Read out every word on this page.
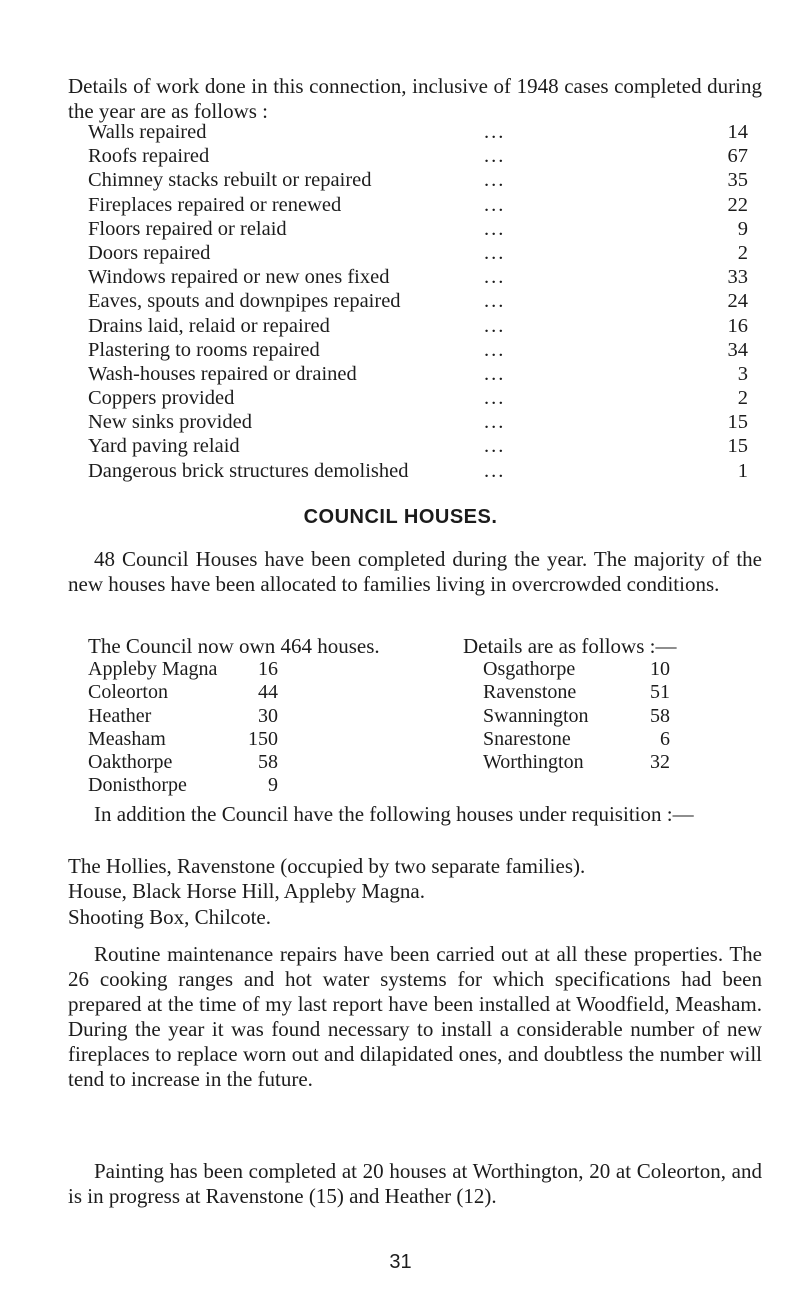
Details of work done in this connection, inclusive of 1948 cases completed during the year are as follows :

Walls repaired	...	14
Roofs repaired	...	67
Chimney stacks rebuilt or repaired	...	35
Fireplaces repaired or renewed	...	22
Floors repaired or relaid	...	9
Doors repaired	...	2
Windows repaired or new ones fixed	...	33
Eaves, spouts and downpipes repaired	...	24
Drains laid, relaid or repaired	...	16
Plastering to rooms repaired	...	34
Wash-houses repaired or drained	...	3
Coppers provided	...	2
New sinks provided	...	15
Yard paving relaid	...	15
Dangerous brick structures demolished	...	1
COUNCIL HOUSES.

48 Council Houses have been completed during the year. The majority of the new houses have been allocated to families living in overcrowded conditions.

The Council now own 464 houses.	Details are as follows :—
Appleby Magna 16
Coleorton	44
Heather	30
Measham	150
Oakthorpe	58
Donisthorpe	9
Osgathorpe	10
Ravenstone	51
Swannington	58
Snarestone	6
Worthington	32

In addition the Council have the following houses under requisition :—

The Hollies, Ravenstone (occupied by two separate families).
House, Black Horse Hill, Appleby Magna.
Shooting Box, Chilcote.

Routine maintenance repairs have been carried out at all these properties. The 26 cooking ranges and hot water systems for which specifications had been prepared at the time of my last report have been installed at Woodfield, Measham. During the year it was found necessary to install a considerable number of new fireplaces to replace worn out and dilapidated ones, and doubtless the number will tend to increase in the future.

Painting has been completed at 20 houses at Worthington, 20 at Coleorton, and is in progress at Ravenstone (15) and Heather (12).

31
